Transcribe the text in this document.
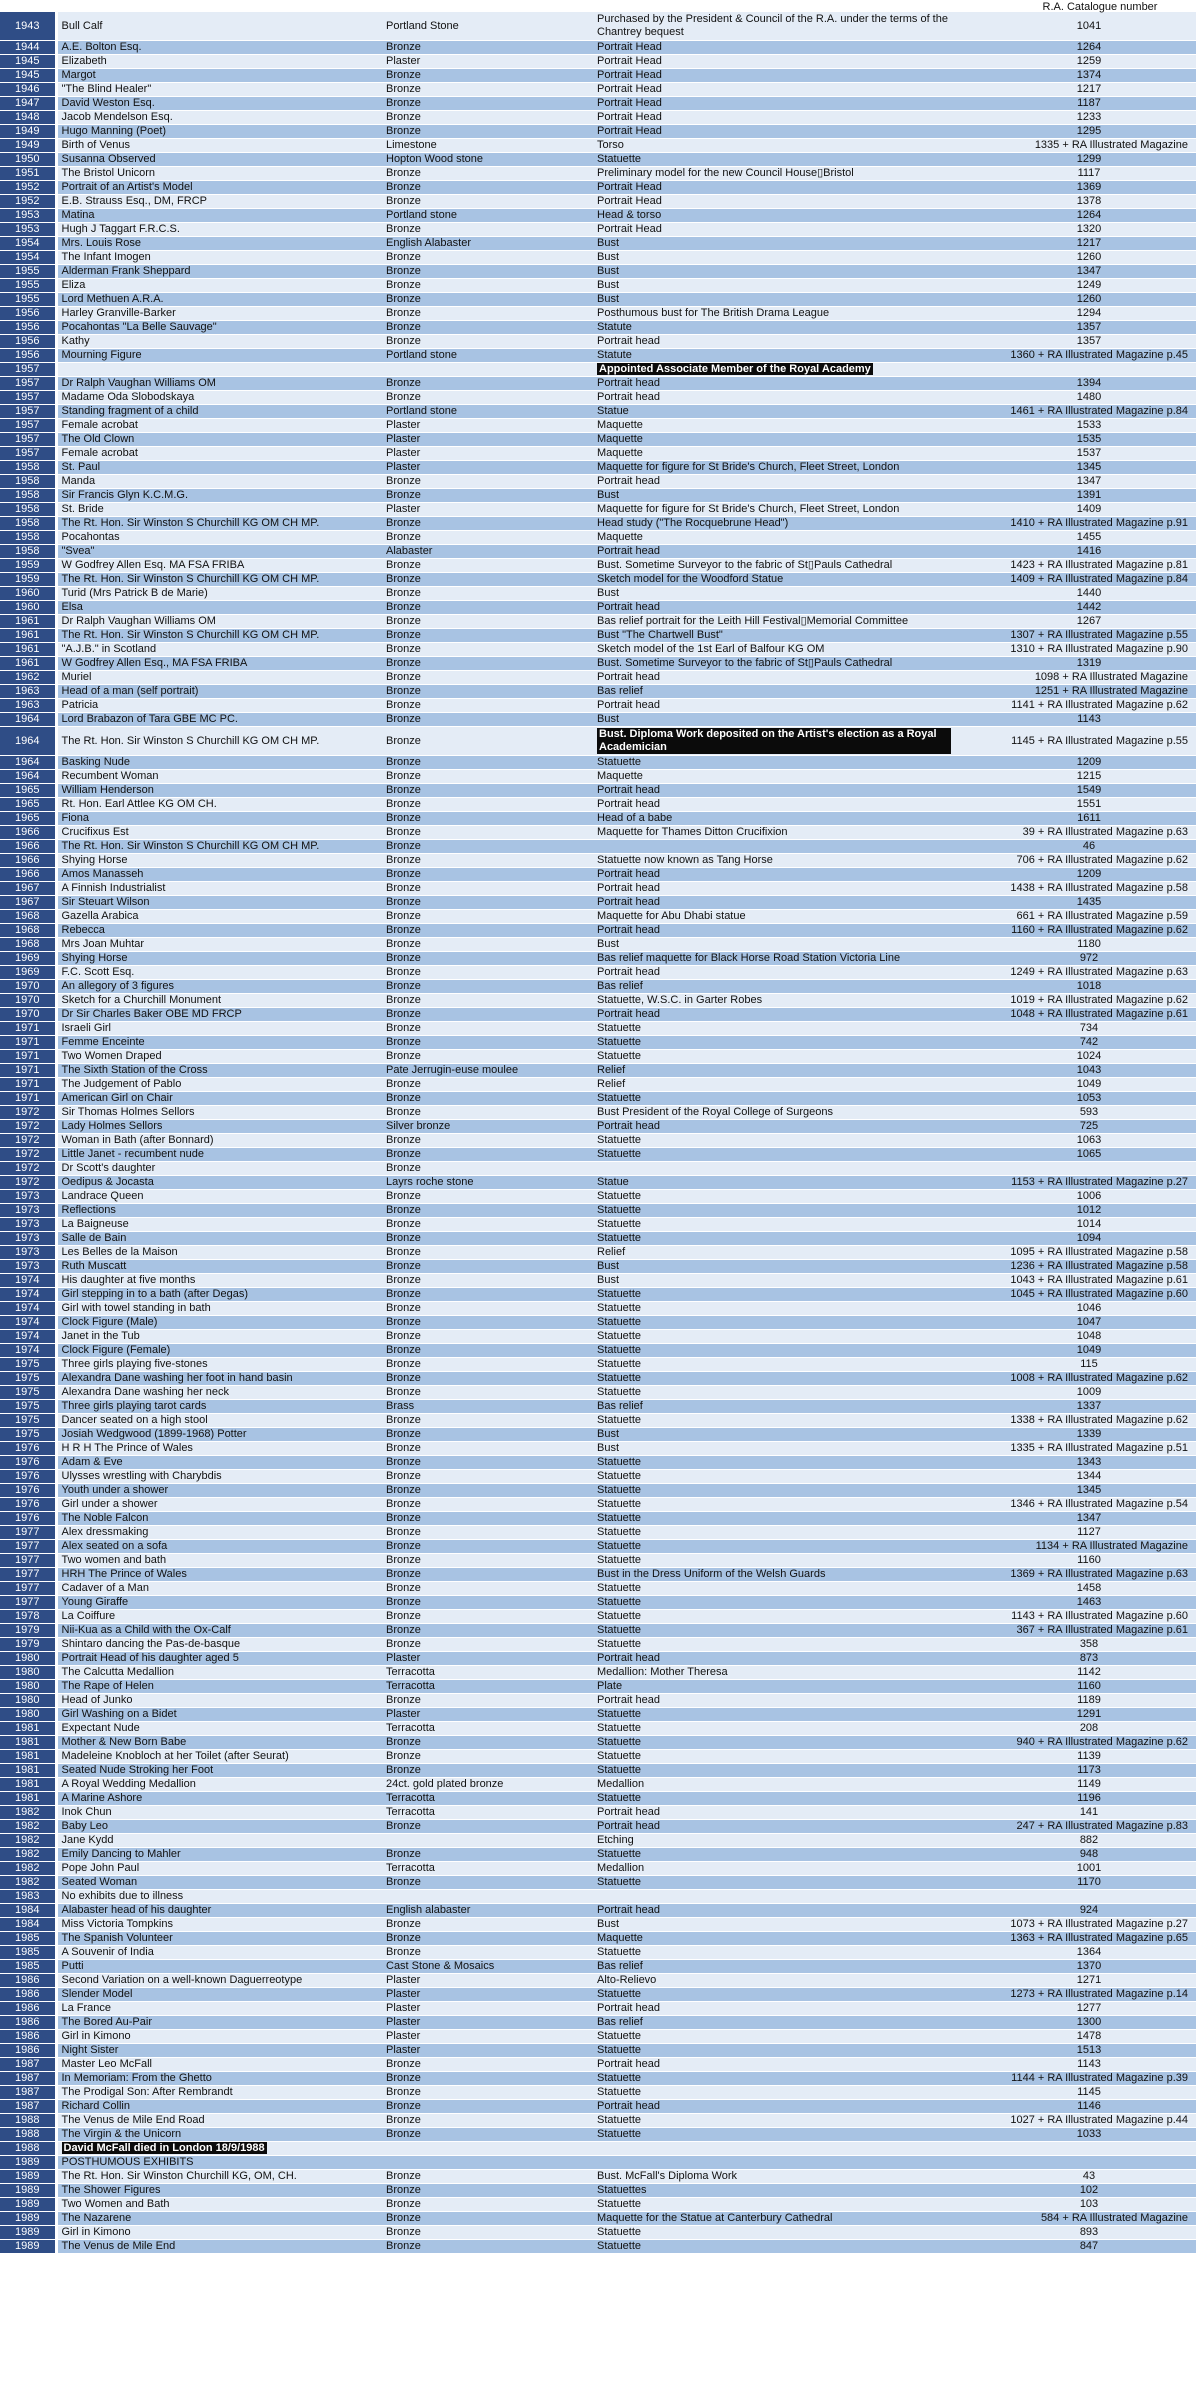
R.A. Catalogue number
1943	Bull Calf	Portland Stone	Purchased by the President & Council of the R.A. under the terms of the Chantrey bequest	1041
1944	A.E. Bolton Esq.	Bronze	Portrait Head	1264
1945	Elizabeth	Plaster	Portrait Head	1259
1945	Margot	Bronze	Portrait Head	1374
1946	"The Blind Healer"	Bronze	Portrait Head	1217
1947	David Weston Esq.	Bronze	Portrait Head	1187
1948	Jacob Mendelson Esq.	Bronze	Portrait Head	1233
1949	Hugo Manning (Poet)	Bronze	Portrait Head	1295
1949	Birth of Venus	Limestone	Torso	1335 + RA Illustrated Magazine
1950	Susanna Observed	Hopton Wood stone	Statuette	1299
1951	The Bristol Unicorn	Bronze	Preliminary model for the new Council House▯Bristol	1117
1952	Portrait of an Artist's Model	Bronze	Portrait Head	1369
1952	E.B. Strauss Esq., DM, FRCP	Bronze	Portrait Head	1378
1953	Matina	Portland stone	Head & torso	1264
1953	Hugh J Taggart F.R.C.S.	Bronze	Portrait Head	1320
1954	Mrs. Louis Rose	English Alabaster	Bust	1217
1954	The Infant Imogen	Bronze	Bust	1260
1955	Alderman Frank Sheppard	Bronze	Bust	1347
1955	Eliza	Bronze	Bust	1249
1955	Lord Methuen A.R.A.	Bronze	Bust	1260
1956	Harley Granville-Barker	Bronze	Posthumous bust for The British Drama League	1294
1956	Pocahontas "La Belle Sauvage"	Bronze	Statute	1357
1956	Kathy	Bronze	Portrait head	1357
1956	Mourning Figure	Portland stone	Statute	1360 + RA Illustrated Magazine p.45
1957			Appointed Associate Member of the Royal Academy	
1957	Dr Ralph Vaughan Williams OM	Bronze	Portrait head	1394
1957	Madame Oda Slobodskaya	Bronze	Portrait head	1480
1957	Standing fragment of a child	Portland stone	Statue	1461 + RA Illustrated Magazine p.84
1957	Female acrobat	Plaster	Maquette	1533
1957	The Old Clown	Plaster	Maquette	1535
1957	Female acrobat	Plaster	Maquette	1537
1958	St. Paul	Plaster	Maquette for figure for St Bride's Church, Fleet Street, London	1345
1958	Manda	Bronze	Portrait head	1347
1958	Sir Francis Glyn K.C.M.G.	Bronze	Bust	1391
1958	St. Bride	Plaster	Maquette for figure for St Bride's Church, Fleet Street, London	1409
1958	The Rt. Hon. Sir Winston S Churchill KG OM CH MP.	Bronze	Head study ("The Rocquebrune Head")	1410 + RA Illustrated Magazine p.91
1958	Pocahontas	Bronze	Maquette	1455
1958	"Svea"	Alabaster	Portrait head	1416
1959	W Godfrey Allen Esq. MA FSA FRIBA	Bronze	Bust. Sometime Surveyor to the fabric of St▯Pauls Cathedral	1423 + RA Illustrated Magazine p.81
1959	The Rt. Hon. Sir Winston S Churchill KG OM CH MP.	Bronze	Sketch model for the Woodford Statue	1409 + RA Illustrated Magazine p.84
1960	Turid (Mrs Patrick B de Marie)	Bronze	Bust	1440
1960	Elsa	Bronze	Portrait head	1442
1961	Dr Ralph Vaughan Williams OM	Bronze	Bas relief portrait for the Leith Hill Festival▯Memorial Committee	1267
1961	The Rt. Hon. Sir Winston S Churchill KG OM CH MP.	Bronze	Bust "The Chartwell Bust"	1307 + RA Illustrated Magazine p.55
1961	"A.J.B." in Scotland	Bronze	Sketch model of the 1st Earl of Balfour KG OM	1310 + RA Illustrated Magazine p.90
1961	W Godfrey Allen Esq., MA FSA FRIBA	Bronze	Bust. Sometime Surveyor to the fabric of St▯Pauls Cathedral	1319
1962	Muriel	Bronze	Portrait head	1098 + RA Illustrated Magazine
1963	Head of a man (self portrait)	Bronze	Bas relief	1251 + RA Illustrated Magazine
1963	Patricia	Bronze	Portrait head	1141 + RA Illustrated Magazine p.62
1964	Lord Brabazon of Tara GBE MC PC.	Bronze	Bust	1143
1964	The Rt. Hon. Sir Winston S Churchill KG OM CH MP.	Bronze	Bust. Diploma Work deposited on the Artist's election as a Royal Academician	1145 + RA Illustrated Magazine p.55
1964	Basking Nude	Bronze	Statuette	1209
1964	Recumbent Woman	Bronze	Maquette	1215
1965	William Henderson	Bronze	Portrait head	1549
1965	Rt. Hon. Earl Attlee KG OM CH.	Bronze	Portrait head	1551
1965	Fiona	Bronze	Head of a babe	1611
1966	Crucifixus Est	Bronze	Maquette for Thames Ditton Crucifixion	39 + RA Illustrated Magazine p.63
1966	The Rt. Hon. Sir Winston S Churchill KG OM CH MP.	Bronze		46
1966	Shying Horse	Bronze	Statuette now known as Tang Horse	706 + RA Illustrated Magazine p.62
1966	Amos Manasseh	Bronze	Portrait head	1209
1967	A Finnish Industrialist	Bronze	Portrait head	1438 + RA Illustrated Magazine p.58
1967	Sir Steuart Wilson	Bronze	Portrait head	1435
1968	Gazella Arabica	Bronze	Maquette for Abu Dhabi statue	661 + RA Illustrated Magazine p.59
1968	Rebecca	Bronze	Portrait head	1160 + RA Illustrated Magazine p.62
1968	Mrs Joan Muhtar	Bronze	Bust	1180
1969	Shying Horse	Bronze	Bas relief maquette for Black Horse Road Station Victoria Line	972
1969	F.C. Scott Esq.	Bronze	Portrait head	1249 + RA Illustrated Magazine p.63
1970	An allegory of 3 figures	Bronze	Bas relief	1018
1970	Sketch for a Churchill Monument	Bronze	Statuette, W.S.C. in Garter Robes	1019 + RA Illustrated Magazine p.62
1970	Dr Sir Charles Baker OBE MD FRCP	Bronze	Portrait head	1048 + RA Illustrated Magazine p.61
1971	Israeli Girl	Bronze	Statuette	734
1971	Femme Enceinte	Bronze	Statuette	742
1971	Two Women Draped	Bronze	Statuette	1024
1971	The Sixth Station of the Cross	Pate Jerrugin-euse moulee	Relief	1043
1971	The Judgement of Pablo	Bronze	Relief	1049
1971	American Girl on Chair	Bronze	Statuette	1053
1972	Sir Thomas Holmes Sellors	Bronze	Bust President of the Royal College of Surgeons	593
1972	Lady Holmes Sellors	Silver bronze	Portrait head	725
1972	Woman in Bath (after Bonnard)	Bronze	Statuette	1063
1972	Little Janet - recumbent nude	Bronze	Statuette	1065
1972	Dr Scott's daughter	Bronze		
1972	Oedipus & Jocasta	Layrs roche stone	Statue	1153 + RA Illustrated Magazine p.27
1973	Landrace Queen	Bronze	Statuette	1006
1973	Reflections	Bronze	Statuette	1012
1973	La Baigneuse	Bronze	Statuette	1014
1973	Salle de Bain	Bronze	Statuette	1094
1973	Les Belles de la Maison	Bronze	Relief	1095 + RA Illustrated Magazine p.58
1973	Ruth Muscatt	Bronze	Bust	1236 + RA Illustrated Magazine p.58
1974	His daughter at five months	Bronze	Bust	1043 + RA Illustrated Magazine p.61
1974	Girl stepping in to a bath (after Degas)	Bronze	Statuette	1045 + RA Illustrated Magazine p.60
1974	Girl with towel standing in bath	Bronze	Statuette	1046
1974	Clock Figure (Male)	Bronze	Statuette	1047
1974	Janet in the Tub	Bronze	Statuette	1048
1974	Clock Figure (Female)	Bronze	Statuette	1049
1975	Three girls playing five-stones	Bronze	Statuette	115
1975	Alexandra Dane washing her foot in hand basin	Bronze	Statuette	1008 + RA Illustrated Magazine p.62
1975	Alexandra Dane washing her neck	Bronze	Statuette	1009
1975	Three girls playing tarot cards	Brass	Bas relief	1337
1975	Dancer seated on a high stool	Bronze	Statuette	1338 + RA Illustrated Magazine p.62
1975	Josiah Wedgwood (1899-1968) Potter	Bronze	Bust	1339
1976	H R H The Prince of Wales	Bronze	Bust	1335 + RA Illustrated Magazine p.51
1976	Adam & Eve	Bronze	Statuette	1343
1976	Ulysses wrestling with Charybdis	Bronze	Statuette	1344
1976	Youth under a shower	Bronze	Statuette	1345
1976	Girl under a shower	Bronze	Statuette	1346 + RA Illustrated Magazine p.54
1976	The Noble Falcon	Bronze	Statuette	1347
1977	Alex dressmaking	Bronze	Statuette	1127
1977	Alex seated on a sofa	Bronze	Statuette	1134 + RA Illustrated Magazine
1977	Two women and bath	Bronze	Statuette	1160
1977	HRH The Prince of Wales	Bronze	Bust in the Dress Uniform of the Welsh Guards	1369 + RA Illustrated Magazine p.63
1977	Cadaver of a Man	Bronze	Statuette	1458
1977	Young Giraffe	Bronze	Statuette	1463
1978	La Coiffure	Bronze	Statuette	1143 + RA Illustrated Magazine p.60
1979	Nii-Kua as a Child with the Ox-Calf	Bronze	Statuette	367 + RA Illustrated Magazine p.61
1979	Shintaro dancing the Pas-de-basque	Bronze	Statuette	358
1980	Portrait Head of his daughter aged 5	Plaster	Portrait head	873
1980	The Calcutta Medallion	Terracotta	Medallion: Mother Theresa	1142
1980	The Rape of Helen	Terracotta	Plate	1160
1980	Head of Junko	Bronze	Portrait head	1189
1980	Girl Washing on a Bidet	Plaster	Statuette	1291
1981	Expectant Nude	Terracotta	Statuette	208
1981	Mother & New Born Babe	Bronze	Statuette	940 + RA Illustrated Magazine p.62
1981	Madeleine Knobloch at her Toilet (after Seurat)	Bronze	Statuette	1139
1981	Seated Nude Stroking her Foot	Bronze	Statuette	1173
1981	A Royal Wedding Medallion	24ct. gold plated bronze	Medallion	1149
1981	A Marine Ashore	Terracotta	Statuette	1196
1982	Inok Chun	Terracotta	Portrait head	141
1982	Baby Leo	Bronze	Portrait head	247 + RA Illustrated Magazine p.83
1982	Jane Kydd		Etching	882
1982	Emily Dancing to Mahler	Bronze	Statuette	948
1982	Pope John Paul	Terracotta	Medallion	1001
1982	Seated Woman	Bronze	Statuette	1170
1983	No exhibits due to illness			
1984	Alabaster head of his daughter	English alabaster	Portrait head	924
1984	Miss Victoria Tompkins	Bronze	Bust	1073 + RA Illustrated Magazine p.27
1985	The Spanish Volunteer	Bronze	Maquette	1363 + RA Illustrated Magazine p.65
1985	A Souvenir of India	Bronze	Statuette	1364
1985	Putti	Cast Stone & Mosaics	Bas relief	1370
1986	Second Variation on a well-known Daguerreotype	Plaster	Alto-Relievo	1271
1986	Slender Model	Plaster	Statuette	1273 + RA Illustrated Magazine p.14
1986	La France	Plaster	Portrait head	1277
1986	The Bored Au-Pair	Plaster	Bas relief	1300
1986	Girl in Kimono	Plaster	Statuette	1478
1986	Night Sister	Plaster	Statuette	1513
1987	Master Leo McFall	Bronze	Portrait head	1143
1987	In Memoriam: From the Ghetto	Bronze	Statuette	1144 + RA Illustrated Magazine p.39
1987	The Prodigal Son: After Rembrandt	Bronze	Statuette	1145
1987	Richard Collin	Bronze	Portrait head	1146
1988	The Venus de Mile End Road	Bronze	Statuette	1027 + RA Illustrated Magazine p.44
1988	The Virgin & the Unicorn	Bronze	Statuette	1033
1988	David McFall died in London 18/9/1988			
1989	POSTHUMOUS EXHIBITS			
1989	The Rt. Hon. Sir Winston Churchill KG, OM, CH.	Bronze	Bust. McFall's Diploma Work	43
1989	The Shower Figures	Bronze	Statuettes	102
1989	Two Women and Bath	Bronze	Statuette	103
1989	The Nazarene	Bronze	Maquette for the Statue at Canterbury Cathedral	584 + RA Illustrated Magazine
1989	Girl in Kimono	Bronze	Statuette	893
1989	The Venus de Mile End	Bronze	Statuette	847
